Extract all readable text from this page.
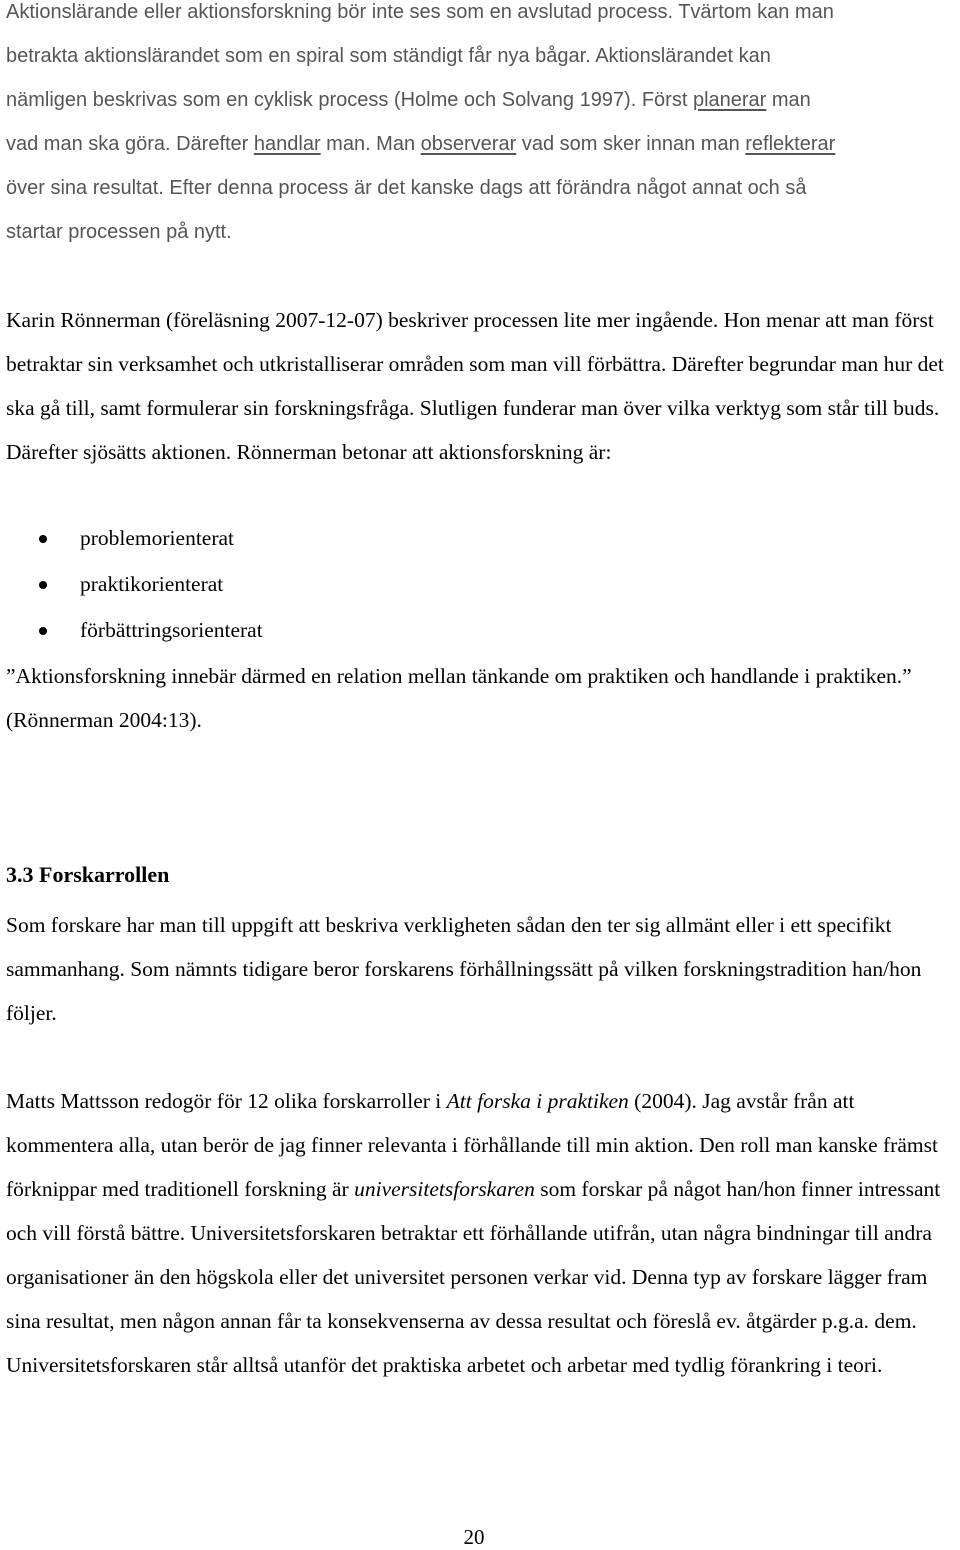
Aktionslärande eller aktionsforskning bör inte ses som en avslutad process. Tvärtom kan man
betrakta aktionslärandet som en spiral som ständigt får nya bågar. Aktionslärandet kan
nämligen beskrivas som en cyklisk process (Holme och Solvang 1997). Först planerar man
vad man ska göra. Därefter handlar man. Man observerar vad som sker innan man reflekterar
över sina resultat. Efter denna process är det kanske dags att förändra något annat och så
startar processen på nytt.

Karin Rönnerman (föreläsning 2007-12-07) beskriver processen lite mer ingående. Hon menar att man först betraktar sin verksamhet och utkristalliserar områden som man vill förbättra. Därefter begrundar man hur det ska gå till, samt formulerar sin forskningsfråga. Slutligen funderar man över vilka verktyg som står till buds. Därefter sjösätts aktionen. Rönnerman betonar att aktionsforskning är:

problemorienterat
praktikorienterat
förbättringsorienterat

”Aktionsforskning innebär därmed en relation mellan tänkande om praktiken och handlande i praktiken.” (Rönnerman 2004:13).

3.3 Forskarrollen

Som forskare har man till uppgift att beskriva verkligheten sådan den ter sig allmänt eller i ett specifikt sammanhang. Som nämnts tidigare beror forskarens förhållningssätt på vilken forskningstradition han/hon följer.

Matts Mattsson redogör för 12 olika forskarroller i Att forska i praktiken (2004). Jag avstår från att kommentera alla, utan berör de jag finner relevanta i förhållande till min aktion. Den roll man kanske främst förknippar med traditionell forskning är universitetsforskaren som forskar på något han/hon finner intressant och vill förstå bättre. Universitetsforskaren betraktar ett förhållande utifrån, utan några bindningar till andra organisationer än den högskola eller det universitet personen verkar vid. Denna typ av forskare lägger fram sina resultat, men någon annan får ta konsekvenserna av dessa resultat och föreslå ev. åtgärder p.g.a. dem. Universitetsforskaren står alltså utanför det praktiska arbetet och arbetar med tydlig förankring i teori.

20
